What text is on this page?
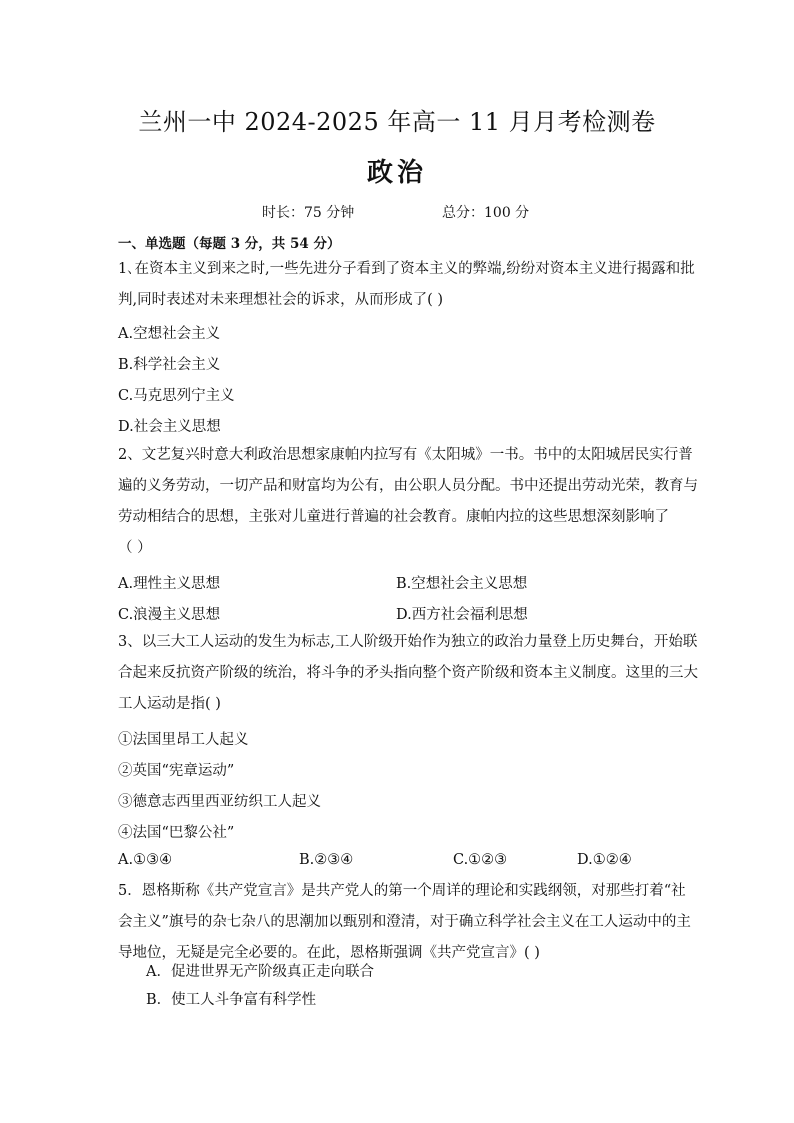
兰州一中 2024-2025 年高一 11 月月考检测卷
政治
时长：75 分钟	总分：100 分
一、单选题（每题 3 分，共 54 分）
1､在资本主义到来之时,一些先进分子看到了资本主义的弊端,纷纷对资本主义进行揭露和批
判,同时表述对未来理想社会的诉求，从而形成了( )
A.空想社会主义
B.科学社会主义
C.马克思列宁主义
D.社会主义思想
2、文艺复兴时意大利政治思想家康帕内拉写有《太阳城》一书。书中的太阳城居民实行普
遍的义务劳动，一切产品和财富均为公有，由公职人员分配。书中还提出劳动光荣，教育与
劳动相结合的思想，主张对儿童进行普遍的社会教育。康帕内拉的这些思想深刻影响了
（ ）
A.理性主义思想	B.空想社会主义思想
C.浪漫主义思想	D.西方社会福利思想
3、以三大工人运动的发生为标志,工人阶级开始作为独立的政治力量登上历史舞台，开始联
合起来反抗资产阶级的统治，将斗争的矛头指向整个资产阶级和资本主义制度。这里的三大
工人运动是指( )
①法国里昂工人起义
②英国“宪章运动”
③德意志西里西亚纺织工人起义
④法国“巴黎公社”
A.①③④	B.②③④	C.①②③	D.①②④
5．恩格斯称《共产党宣言》是共产党人的第一个周详的理论和实践纲领，对那些打着“社
会主义”旗号的杂七杂八的思潮加以甄别和澄清，对于确立科学社会主义在工人运动中的主
导地位，无疑是完全必要的。在此，恩格斯强调《共产党宣言》( )
A．促进世界无产阶级真正走向联合
B．使工人斗争富有科学性
